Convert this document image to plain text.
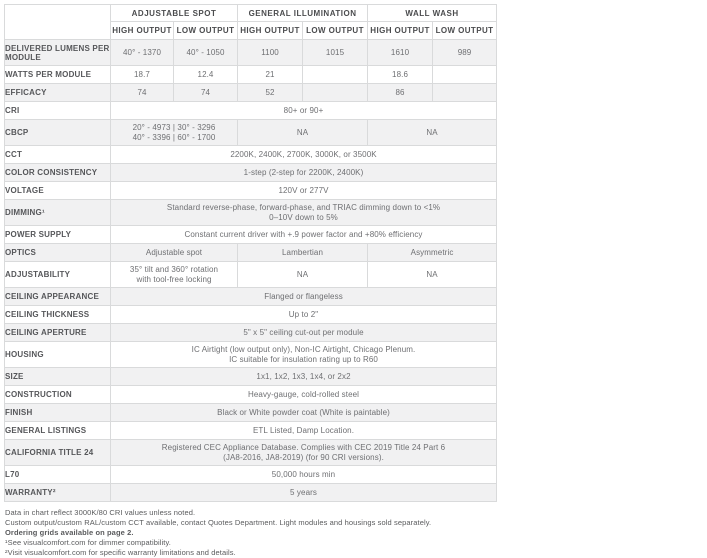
	ADJUSTABLE SPOT		GENERAL ILLUMINATION		WALL WASH	
	HIGH OUTPUT	LOW OUTPUT	HIGH OUTPUT	LOW OUTPUT	HIGH OUTPUT	LOW OUTPUT
DELIVERED LUMENS PER MODULE	40° - 1370	40° - 1050	1100	1015	1610	989
WATTS PER MODULE	18.7	12.4	21		18.6	
EFFICACY	74	74	52		86	
CRI	80+ or 90+					
CBCP	20° - 4973 | 30° - 3296
40° - 3396 | 60° - 1700		NA		NA	
CCT	2200K, 2400K, 2700K, 3000K, or 3500K					
COLOR CONSISTENCY	1-step (2-step for 2200K, 2400K)					
VOLTAGE	120V or 277V					
DIMMING¹	Standard reverse-phase, forward-phase, and TRIAC dimming down to <1%
0–10V down to 5%					

POWER SUPPLY	Constant current driver with +.9 power factor and +80% efficiency					
OPTICS	Adjustable spot		Lambertian		Asymmetric	
ADJUSTABILITY	35° tilt and 360° rotation
with tool-free locking		NA		NA	
CEILING APPEARANCE	Flanged or flangeless					
CEILING THICKNESS	Up to 2"					
CEILING APERTURE	5" x 5" ceiling cut-out per module					
HOUSING	IC Airtight (low output only), Non-IC Airtight, Chicago Plenum.
IC suitable for insulation rating up to R60					

SIZE	1x1, 1x2, 1x3, 1x4, or 2x2					
CONSTRUCTION	Heavy-gauge, cold-rolled steel					
FINISH	Black or White powder coat (White is paintable)					
GENERAL LISTINGS	ETL Listed, Damp Location.					
CALIFORNIA TITLE 24	Registered CEC Appliance Database. Complies with CEC 2019 Title 24 Part 6
(JA8-2016, JA8-2019) (for 90 CRI versions).					

L70	50,000 hours min					
WARRANTY²	5 years					
Data in chart reflect 3000K/80 CRI values unless noted.
Custom output/custom RAL/custom CCT available, contact Quotes Department. Light modules and housings sold separately.
Ordering grids available on page 2.
¹See visualcomfort.com for dimmer compatibility.
²Visit visualcomfort.com for specific warranty limitations and details.
